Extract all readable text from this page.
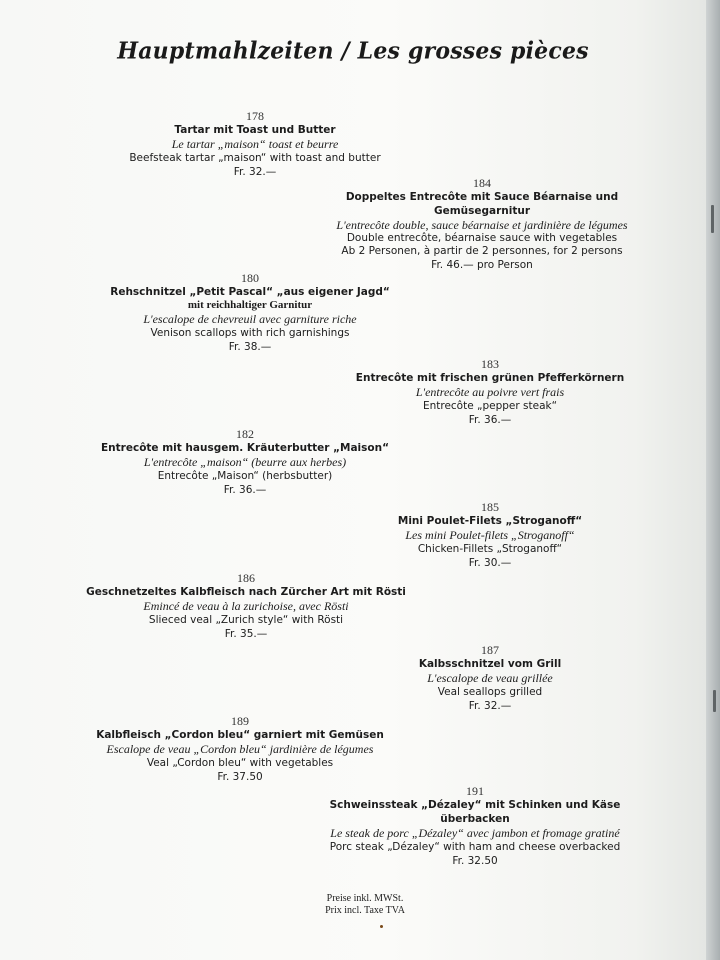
Hauptmahlzeiten / Les grosses pièces
178
Tartar mit Toast und Butter
Le tartar „maison“ toast et beurre
Beefsteak tartar „maison“ with toast and butter
Fr. 32.—
184
Doppeltes Entrecôte mit Sauce Béarnaise und
Gemüsegarnitur
L'entrecôte double, sauce béarnaise et jardinière de légumes
Double entrecôte, béarnaise sauce with vegetables
Ab 2 Personen, à partir de 2 personnes, for 2 persons
Fr. 46.— pro Person
180
Rehschnitzel „Petit Pascal“ „aus eigener Jagd“
mit reichhaltiger Garnitur
L'escalope de chevreuil avec garniture riche
Venison scallops with rich garnishings
Fr. 38.—
183
Entrecôte mit frischen grünen Pfefferkörnern
L'entrecôte au poivre vert frais
Entrecôte „pepper steak“
Fr. 36.—
182
Entrecôte mit hausgem. Kräuterbutter „Maison“
L'entrecôte „maison“ (beurre aux herbes)
Entrecôte „Maison“ (herbsbutter)
Fr. 36.—
185
Mini Poulet-Filets „Stroganoff“
Les mini Poulet-filets „Stroganoff“
Chicken-Fillets „Stroganoff“
Fr. 30.—
186
Geschnetzeltes Kalbfleisch nach Zürcher Art mit Rösti
Emincé de veau à la zurichoise, avec Rösti
Slieced veal „Zurich style“ with Rösti
Fr. 35.—
187
Kalbsschnitzel vom Grill
L'escalope de veau grillée
Veal seallops grilled
Fr. 32.—
189
Kalbfleisch „Cordon bleu“ garniert mit Gemüsen
Escalope de veau „Cordon bleu“ jardinière de légumes
Veal „Cordon bleu“ with vegetables
Fr. 37.50
191
Schweinssteak „Dézaley“ mit Schinken und Käse
überbacken
Le steak de porc „Dézaley“ avec jambon et fromage gratiné
Porc steak „Dézaley“ with ham and cheese overbacked
Fr. 32.50
Preise inkl. MWSt.
Prix incl. Taxe TVA
